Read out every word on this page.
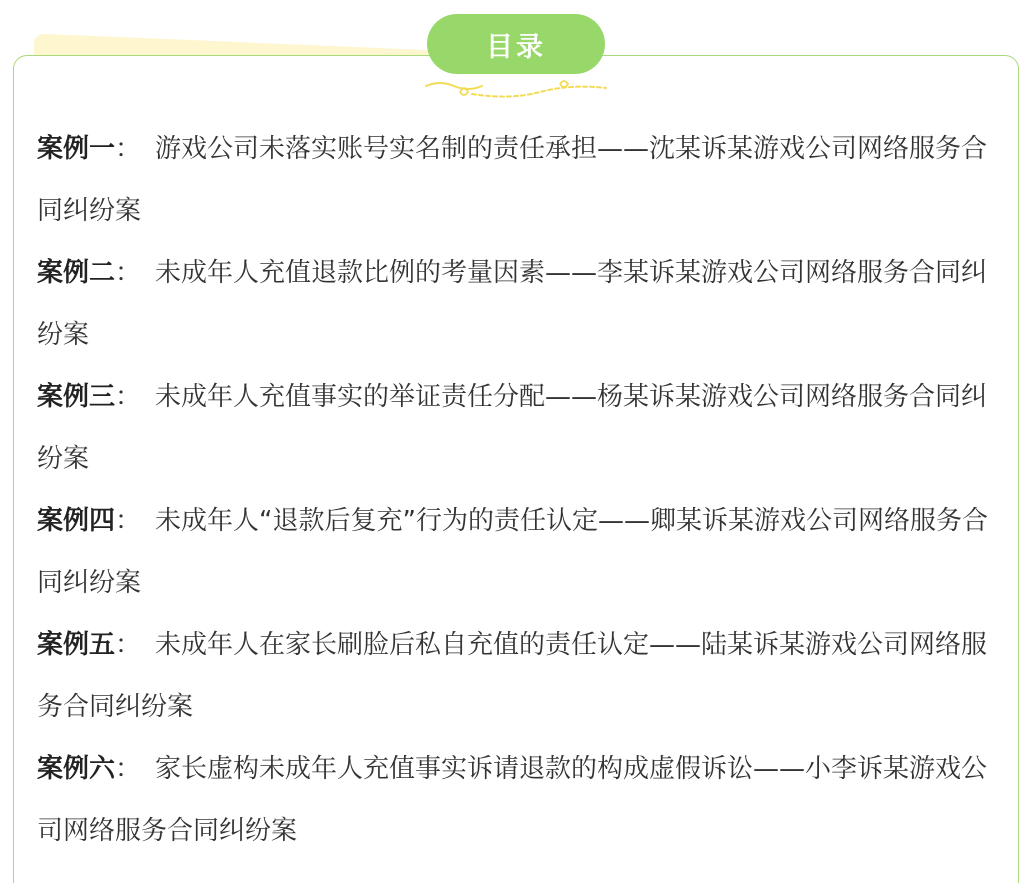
目录

案例一： 游戏公司未落实账号实名制的责任承担——沈某诉某游戏公司网络服务合同纠纷案

案例二： 未成年人充值退款比例的考量因素——李某诉某游戏公司网络服务合同纠纷案

案例三： 未成年人充值事实的举证责任分配——杨某诉某游戏公司网络服务合同纠纷案

案例四： 未成年人“退款后复充”行为的责任认定——卿某诉某游戏公司网络服务合同纠纷案

案例五： 未成年人在家长刷脸后私自充值的责任认定——陆某诉某游戏公司网络服务合同纠纷案

案例六： 家长虚构未成年人充值事实诉请退款的构成虚假诉讼——小李诉某游戏公司网络服务合同纠纷案
